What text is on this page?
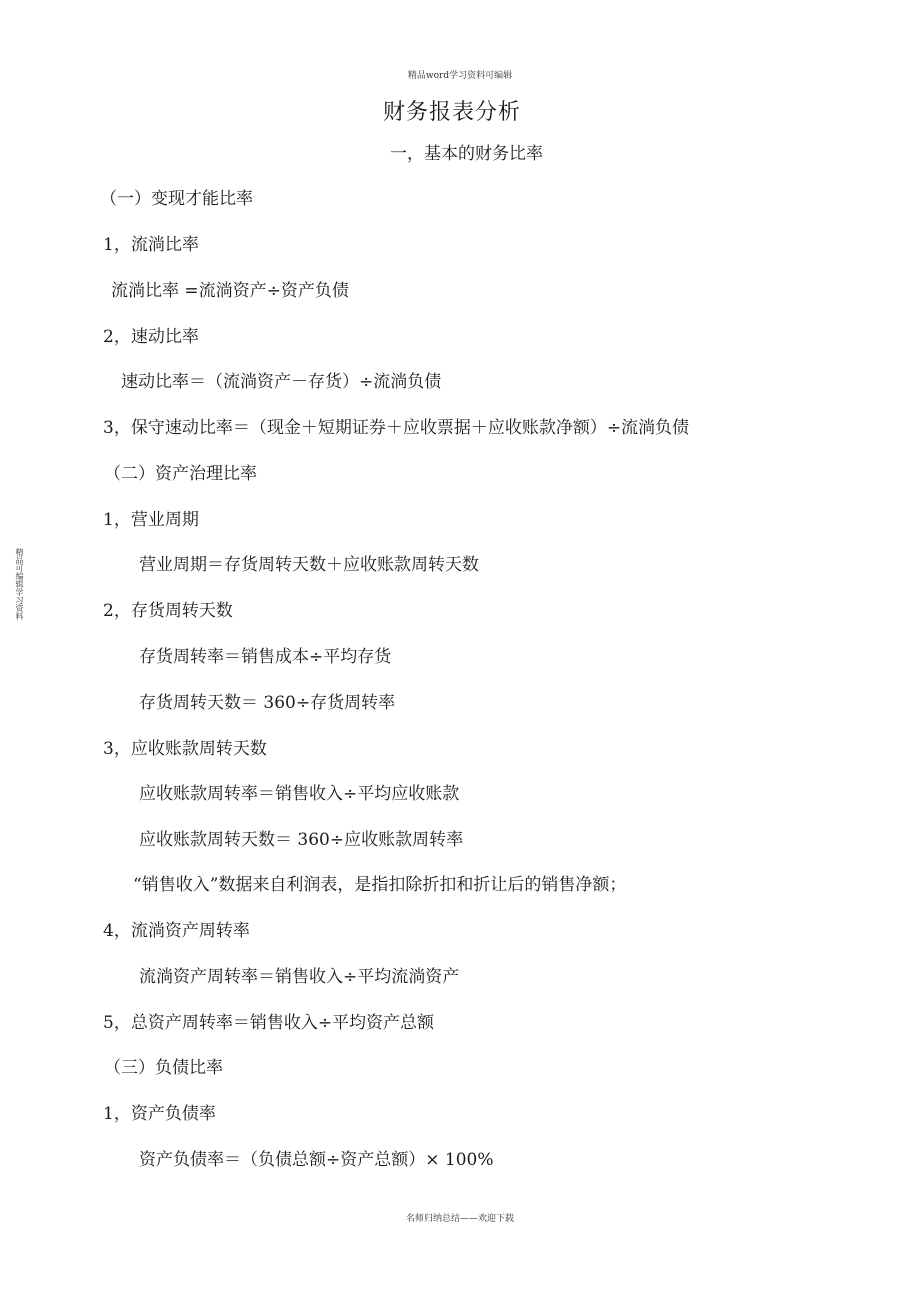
精品word学习资料可编辑
精品可编辑学习资料
财务报表分析
一，基本的财务比率
（一）变现才能比率
1，流淌比率
流淌比率 =流淌资产÷资产负债
2，速动比率
速动比率＝（流淌资产－存货）÷流淌负债
3，保守速动比率＝（现金＋短期证券＋应收票据＋应收账款净额）÷流淌负债
（二）资产治理比率
1，营业周期
营业周期＝存货周转天数＋应收账款周转天数
2，存货周转天数
存货周转率＝销售成本÷平均存货
存货周转天数＝ 360÷存货周转率
3，应收账款周转天数
应收账款周转率＝销售收入÷平均应收账款
应收账款周转天数＝ 360÷应收账款周转率
“销售收入”数据来自利润表，是指扣除折扣和折让后的销售净额；
4，流淌资产周转率
流淌资产周转率＝销售收入÷平均流淌资产
5，总资产周转率＝销售收入÷平均资产总额
（三）负债比率
1，资产负债率
资产负债率＝（负债总额÷资产总额）× 100%
名师归纳总结——欢迎下载
